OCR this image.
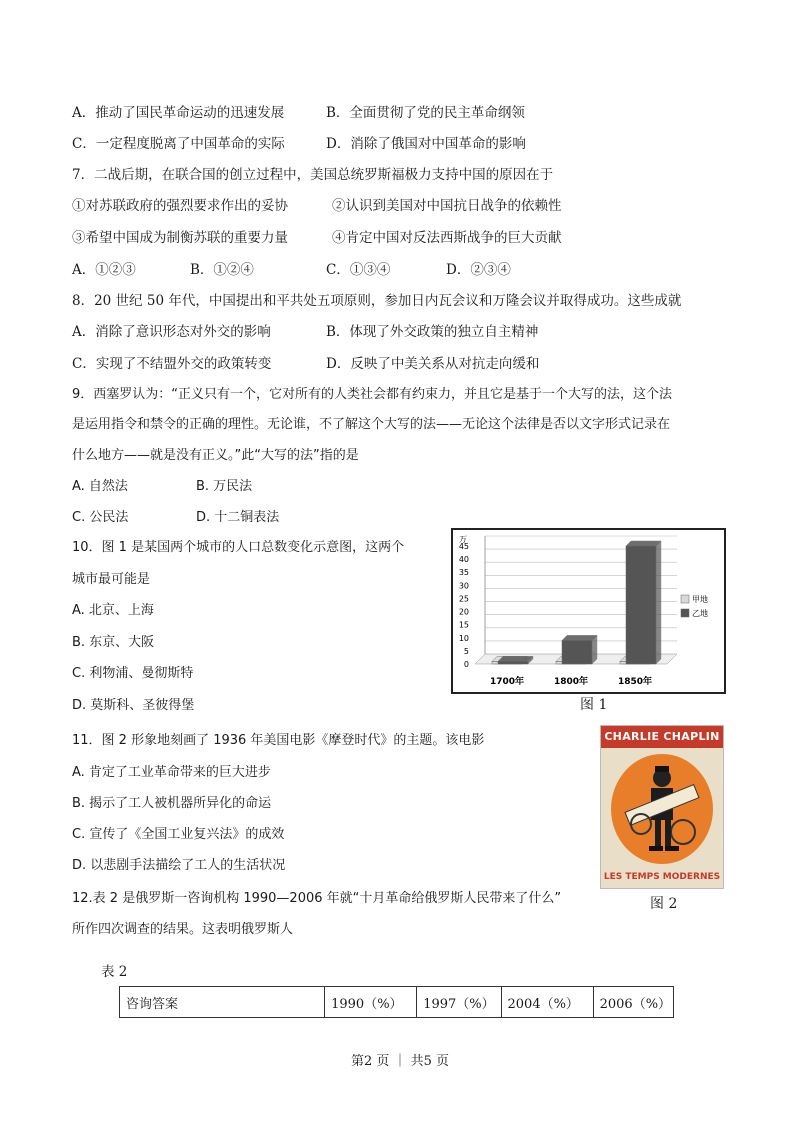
A．推动了国民革命运动的迅速发展	B．全面贯彻了党的民主革命纲领
C．一定程度脱离了中国革命的实际	D．消除了俄国对中国革命的影响
7．二战后期，在联合国的创立过程中，美国总统罗斯福极力支持中国的原因在于
①对苏联政府的强烈要求作出的妥协	②认识到美国对中国抗日战争的依赖性
③希望中国成为制衡苏联的重要力量	④肯定中国对反法西斯战争的巨大贡献
A．①②③	B．①②④	C．①③④	D．②③④
8．20 世纪 50 年代，中国提出和平共处五项原则，参加日内瓦会议和万隆会议并取得成功。这些成就
A．消除了意识形态对外交的影响	B．体现了外交政策的独立自主精神
C．实现了不结盟外交的政策转变	D．反映了中美关系从对抗走向缓和
9．西塞罗认为：“正义只有一个，它对所有的人类社会都有约束力，并且它是基于一个大写的法，这个法
是运用指令和禁令的正确的理性。无论谁，不了解这个大写的法——无论这个法律是否以文字形式记录在
什么地方——就是没有正义。”此“大写的法”指的是
A. 自然法	B. 万民法
C. 公民法	D. 十二铜表法
10．图 1 是某国两个城市的人口总数变化示意图，这两个
城市最可能是
A. 北京、上海
B. 东京、大阪
C. 利物浦、曼彻斯特
D. 莫斯科、圣彼得堡
万
0
5
10
15
20
25
30
35
40
45
1700年	1800年	1850年
甲地
乙地
图 1
11．图 2 形象地刻画了 1936 年美国电影《摩登时代》的主题。该电影
A. 肯定了工业革命带来的巨大进步
B. 揭示了工人被机器所异化的命运
C. 宣传了《全国工业复兴法》的成效
D. 以悲剧手法描绘了工人的生活状况
CHARLIE CHAPLIN
LES TEMPS MODERNES
图 2
12.表 2 是俄罗斯一咨询机构 1990—2006 年就“十月革命给俄罗斯人民带来了什么”
所作四次调查的结果。这表明俄罗斯人
表 2
咨询答案	1990（%）	1997（%）	2004（%）	2006（%）
第2 页 ｜ 共5 页
